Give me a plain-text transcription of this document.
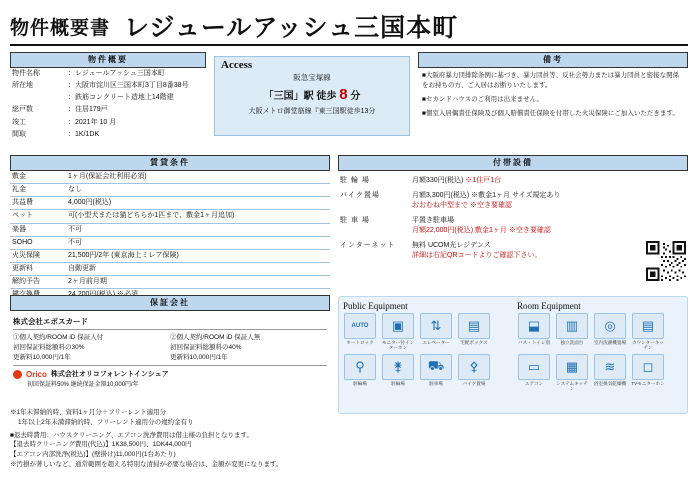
物件概要書 レジュールアッシュ三国本町
物件概要
物件名称	：レジュールアッシュ三国本町
所在地	：大阪市淀川区三国本町3丁目8番38号
	：鉄筋コンクリート造地上14階建
総戸数	：住居179戸
竣工	：2021年 10 月
間取	：1K/1DK
Access
阪急宝塚線
「三国」駅 徒歩 8 分
大阪メトロ御堂筋線『東三国駅徒歩13分
備考
■大阪府暴力団排除条例に基づき、暴力団員等、反社会勢力または暴力団員と密接な関係をお持ちの方、ご入居はお断りいたします。
■セカンドハウスのご利用は出来ません。
■個室入居偶責任保険及び個人賠償責任保険を付帯した火災保険にご加入いただきます。
賃貸条件
敷金	1ヶ月(保証会社利用必須)
礼金	なし
共益費	4,000円(税込)
ペット	可(小型犬または猫どちらか1匹まで、敷金1ヶ月追加)
楽器	不可
SOHO	不可
火災保険	21,500円/2年 (東京海上ミレア保険)
更新料	自動更新
解約予告	2ヶ月前月期

付帯設備
駐 輪 場	月額330円(税込) ※1住戸1台
バイク置場	月額3,300円(税込) ※敷金1ヶ月 サイズ規定あり
おおむね中型まで ※空き要確認
駐 車 場	平置き駐車場
月額22,000円(税込) 敷金1ヶ月 ※空き要確認
インターネット	無料 UCOM光レジデンス
詳細は右記QRコードよりご確認下さい。
保証会社
株式会社エポスカード
①個人契約/ROOM iD 保証人付
初回保証料総額料の30%
更新料10,000円/1年
②個人契約/ROOM iD 保証人無
初回保証料総額料の40%
更新料10,000円/1年
Orico 株式会社オリコフォレントインシュア
初回保証料50% 継続保証金額10,000円/年
※1年未滞納的時、資料1ヶ月分＋フリーレント適用分
1年以上2年未満滞納的時、フリーレント適用分の違約金有り
■退去時費用：ハウスクリーニング、エアコン洗浄費用は借主様の負担となります。
【退去時クリーニング費用(代込)】1K38,500円、1DK44,000円
【エアコン内部洗浄(税込)】(壁掛け)11,000円(1台あたり)
※汚損が著しいなど、通常範囲を超える特別な清掃が必要な場合は、金額が変更になります。
Public Equipment
AUTO
オートロック
▣
モニター付インターホン
⇅
エレベーター
▤
宅配ボックス
⚲
駐輪場
⚵
駐輪場
⛟
駐車場
⚴
バイク置場
Room Equipment
⬓
バス・トイレ別
▥
独立洗面台
◎
室内洗濯機置場
▤
カウンターキッチン
▭
エアコン
▦
システムキッチン
≋
浴室換気乾燥機
◻
TVモニターホン
